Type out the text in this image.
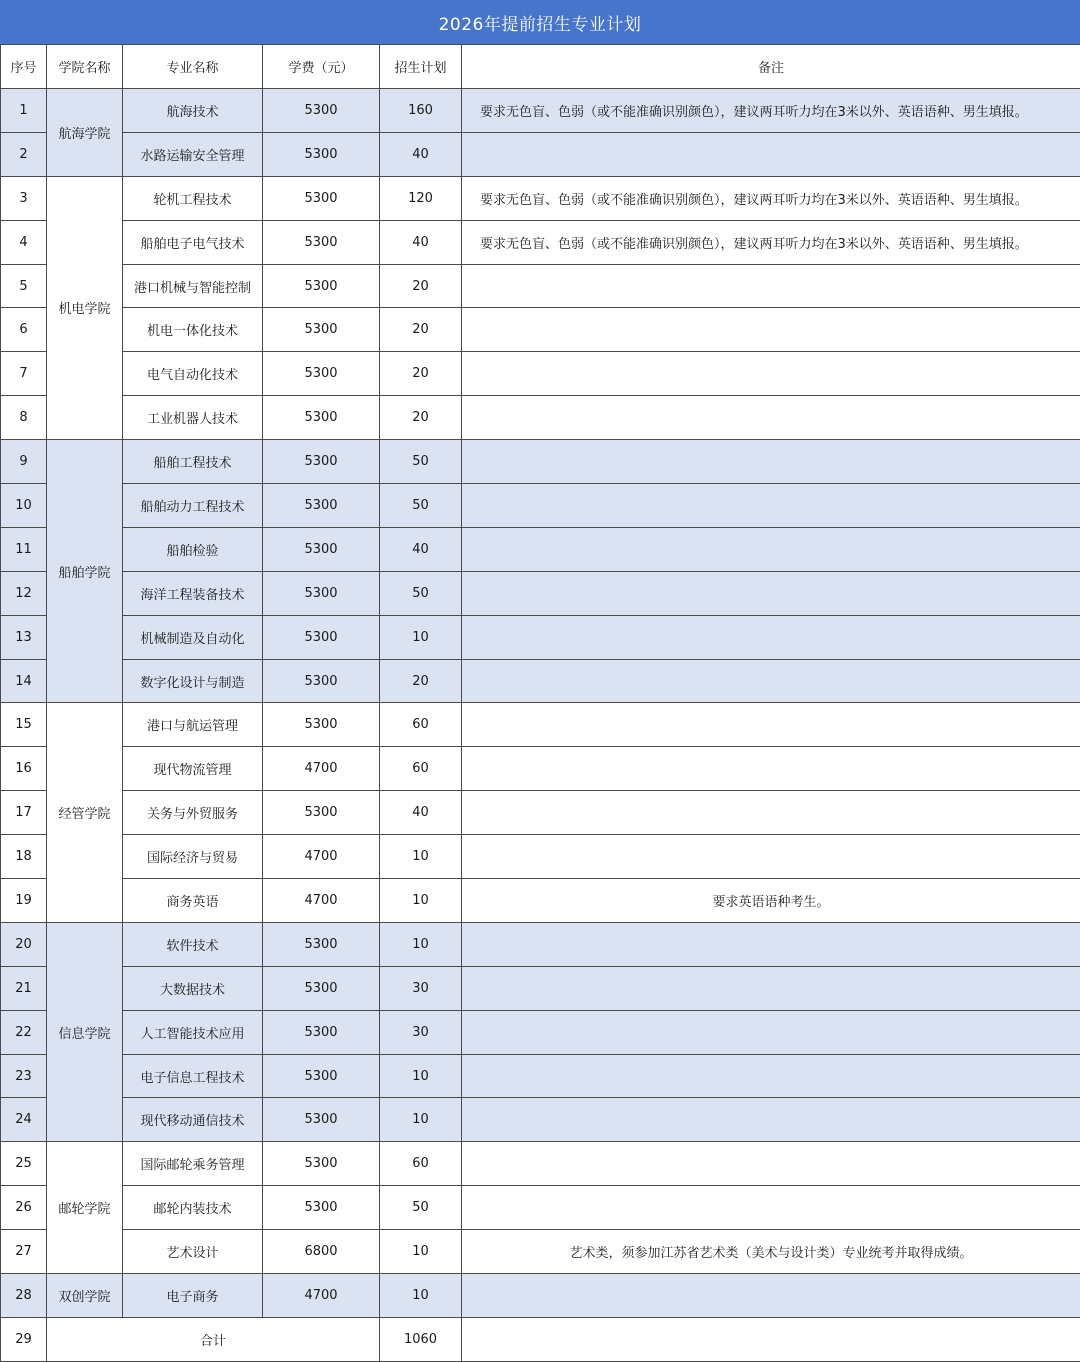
2026年提前招生专业计划
序号	学院名称	专业名称	学费（元）	招生计划	备注
1	航海学院	航海技术	5300	160	要求无色盲、色弱（或不能准确识别颜色），建议两耳听力均在3米以外、英语语种、男生填报。
2		水路运输安全管理	5300	40	
3	机电学院	轮机工程技术	5300	120	要求无色盲、色弱（或不能准确识别颜色），建议两耳听力均在3米以外、英语语种、男生填报。
4		船舶电子电气技术	5300	40	要求无色盲、色弱（或不能准确识别颜色），建议两耳听力均在3米以外、英语语种、男生填报。
5		港口机械与智能控制	5300	20	
6		机电一体化技术	5300	20	
7		电气自动化技术	5300	20	
8		工业机器人技术	5300	20	
9	船舶学院	船舶工程技术	5300	50	
10		船舶动力工程技术	5300	50	
11		船舶检验	5300	40	
12		海洋工程装备技术	5300	50	
13		机械制造及自动化	5300	10	
14		数字化设计与制造	5300	20	
15	经管学院	港口与航运管理	5300	60	
16		现代物流管理	4700	60	
17		关务与外贸服务	5300	40	
18		国际经济与贸易	4700	10	
19		商务英语	4700	10	要求英语语种考生。
20	信息学院	软件技术	5300	10	
21		大数据技术	5300	30	
22		人工智能技术应用	5300	30	
23		电子信息工程技术	5300	10	
24		现代移动通信技术	5300	10	
25	邮轮学院	国际邮轮乘务管理	5300	60	
26		邮轮内装技术	5300	50	
27		艺术设计	6800	10	艺术类，须参加江苏省艺术类（美术与设计类）专业统考并取得成绩。
28	双创学院	电子商务	4700	10	
29	合计			1060	
